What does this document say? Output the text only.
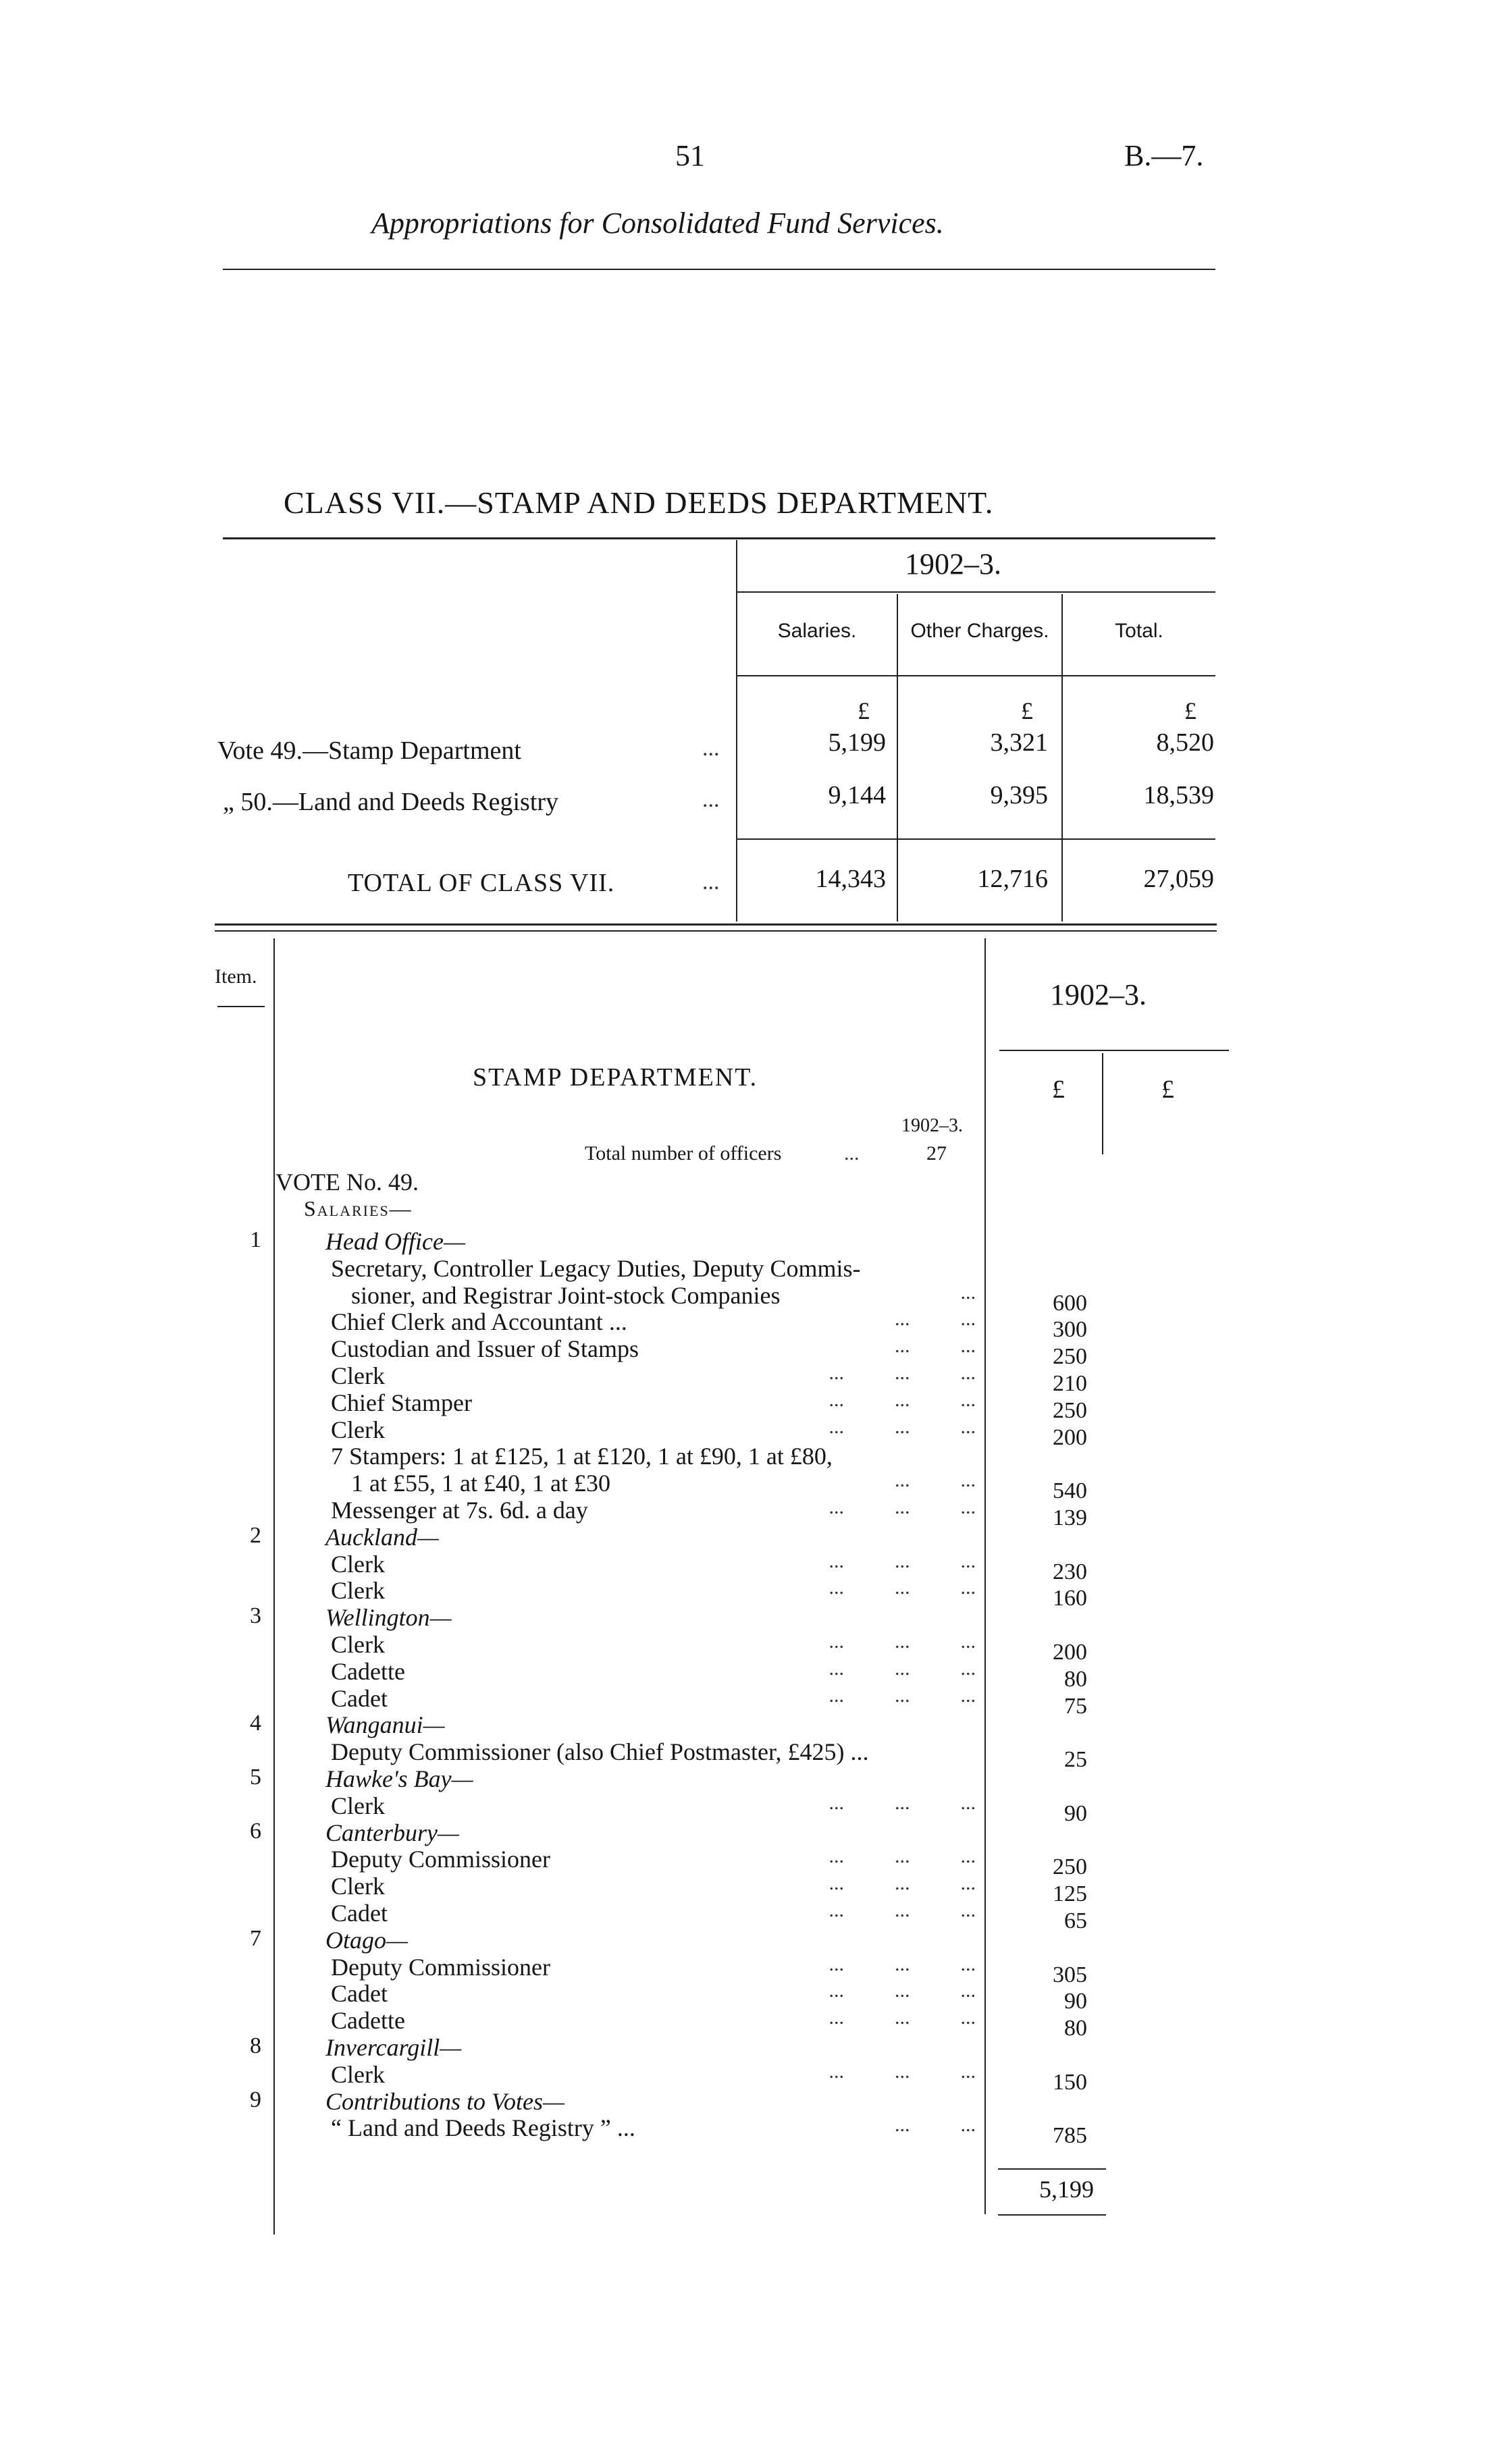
51	B.—7.
Appropriations for Consolidated Fund Services.
CLASS VII.—STAMP AND DEEDS DEPARTMENT.
1902–3.
Salaries.	Other Charges.	Total.
£	£	£
Vote 49.—Stamp Department	...	5,199	3,321	8,520
„ 50.—Land and Deeds Registry	...	9,144	9,395	18,539
TOTAL OF CLASS VII.	...	14,343	12,716	27,059
Item.
1902–3.
£	£
STAMP DEPARTMENT.
1902–3.
Total number of officers	...	27
VOTE No. 49.
Salaries—
1	Head Office—
Secretary, Controller Legacy Duties, Deputy Commis-
sioner, and Registrar Joint-stock Companies	...	600
Chief Clerk and Accountant ...	...          ...	300
Custodian and Issuer of Stamps	...          ...	250
Clerk	...          ...          ...	210
Chief Stamper	...          ...          ...	250
Clerk	...          ...          ...	200
7 Stampers: 1 at £125, 1 at £120, 1 at £90, 1 at £80,
1 at £55, 1 at £40, 1 at £30	...          ...	540
Messenger at 7s. 6d. a day	...          ...          ...	139
2	Auckland—
Clerk	...          ...          ...	230
Clerk	...          ...          ...	160
3	Wellington—
Clerk	...          ...          ...	200
Cadette	...          ...          ...	80
Cadet	...          ...          ...	75
4	Wanganui—
Deputy Commissioner (also Chief Postmaster, £425) ...	25
5	Hawke's Bay—
Clerk	...          ...          ...	90
6	Canterbury—
Deputy Commissioner	...          ...          ...	250
Clerk	...          ...          ...	125
Cadet	...          ...          ...	65
7	Otago—
Deputy Commissioner	...          ...          ...	305
Cadet	...          ...          ...	90
Cadette	...          ...          ...	80
8	Invercargill—
Clerk	...          ...          ...	150
9	Contributions to Votes—
“ Land and Deeds Registry ” ...	...          ...	785
5,199
